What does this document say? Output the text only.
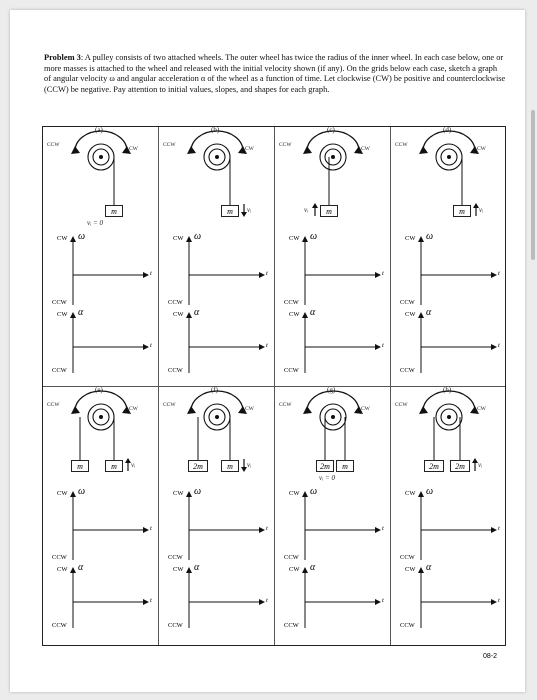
Problem 3: A pulley consists of two attached wheels. The outer wheel has twice the radius of the inner wheel. In each case below, one or more masses is attached to the wheel and released with the initial velocity shown (if any). On the grids below each case, sketch a graph of angular velocity ω and angular acceleration α of the wheel as a function of time. Let clockwise (CW) be positive and counterclockwise (CCW) be negative. Pay attention to initial values, slopes, and shapes for each graph.
m
vᵢ = 0
(a)
CCW
CW
CW ω
t
CCW
CW α
t
CCW
m	vᵢ
(b)
CCW
CW
CW ω
t
CCW
CW α
t
CCW
m
vᵢ
(c)
CCW
CW
CW ω
t
CCW
CW α
t
CCW
m	vᵢ
(d)
CCW
CW
CW ω
t
CCW
CW α
t
CCW
m	m	vᵢ
(e)
CCW
CW
CW ω
t
CCW
CW α
t
CCW
2m	m	vᵢ
(f)
CCW
CW
CW ω
t
CCW
CW α
t
CCW
2m	m
vᵢ = 0
(g)
CCW
CW
CW ω
t
CCW
CW α
t
CCW
2m	2m	vᵢ
(h)
CCW
CW
CW ω
t
CCW
CW α
t
CCW
08-2
